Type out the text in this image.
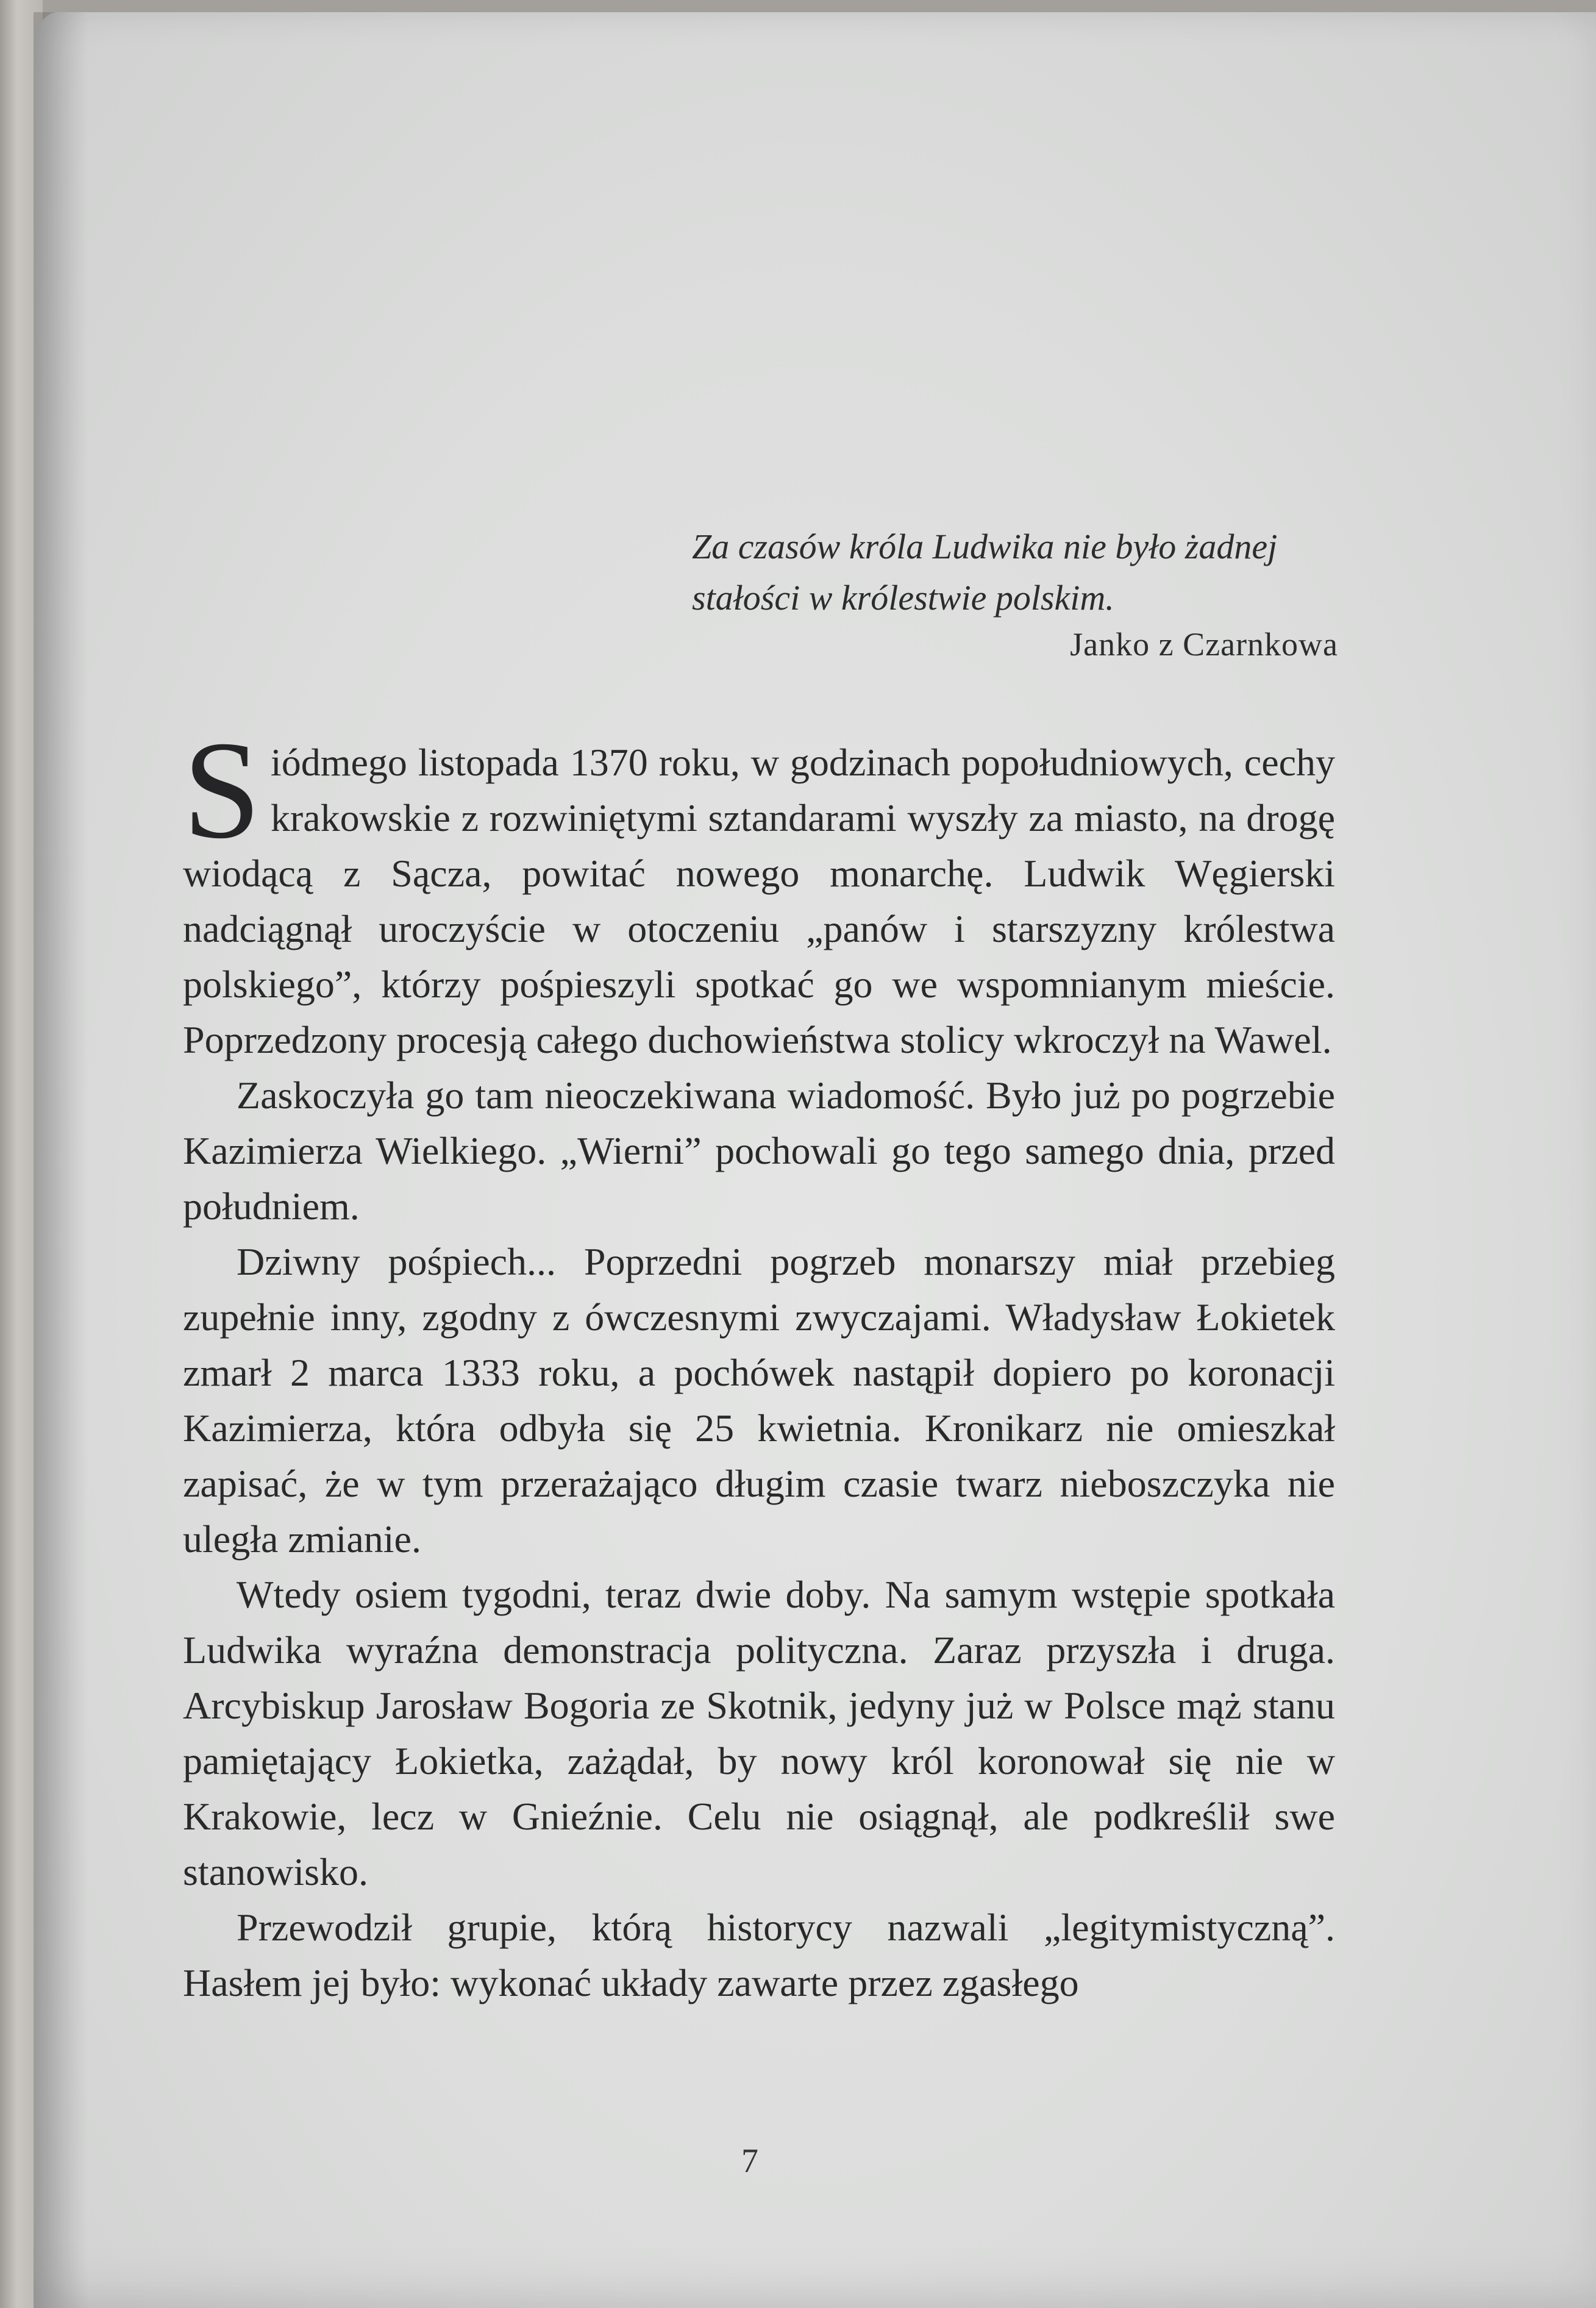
Za czasów króla Ludwika nie było żadnej
stałości w królestwie polskim.
Janko z Czarnkowa

Siódmego listopada 1370 roku, w godzinach popołudniowych, cechy krakowskie z rozwiniętymi sztandarami wyszły za miasto, na drogę wiodącą z Sącza, powitać nowego monarchę. Ludwik Węgierski nadciągnął uroczyście w otoczeniu „panów i starszyzny królestwa polskiego”, którzy pośpieszyli spotkać go we wspomnianym mieście. Poprzedzony procesją całego duchowieństwa stolicy wkroczył na Wawel.

Zaskoczyła go tam nieoczekiwana wiadomość. Było już po pogrzebie Kazimierza Wielkiego. „Wierni” pochowali go tego samego dnia, przed południem.

Dziwny pośpiech... Poprzedni pogrzeb monarszy miał przebieg zupełnie inny, zgodny z ówczesnymi zwyczajami. Władysław Łokietek zmarł 2 marca 1333 roku, a pochówek nastąpił dopiero po koronacji Kazimierza, która odbyła się 25 kwietnia. Kronikarz nie omieszkał zapisać, że w tym przerażająco długim czasie twarz nieboszczyka nie uległa zmianie.

Wtedy osiem tygodni, teraz dwie doby. Na samym wstępie spotkała Ludwika wyraźna demonstracja polityczna. Zaraz przyszła i druga. Arcybiskup Jarosław Bogoria ze Skotnik, jedyny już w Polsce mąż stanu pamiętający Łokietka, zażądał, by nowy król koronował się nie w Krakowie, lecz w Gnieźnie. Celu nie osiągnął, ale podkreślił swe stanowisko.

Przewodził grupie, którą historycy nazwali „legitymistyczną”. Hasłem jej było: wykonać układy zawarte przez zgasłego

7
